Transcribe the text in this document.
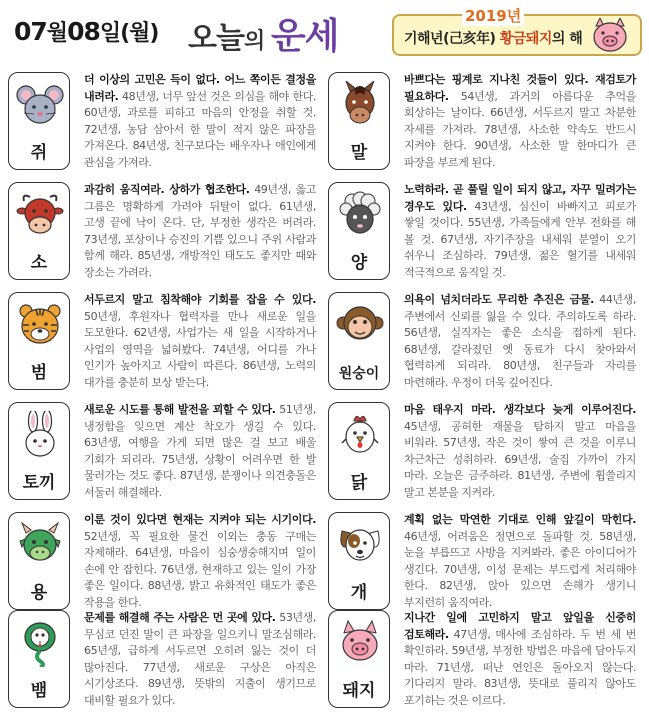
07월08일(월) 오늘의 운세	2019년
기해년(己亥年) 황금돼지의 해
쥐
더 이상의 고민은 득이 없다. 어느 쪽이든 결정을 내려라. 48년생, 너무 앞선 것은 의심을 해야 한다. 60년생, 과로를 피하고 마음의 안정을 취할 것. 72년생, 농담 삼아서 한 말이 적지 않은 파장을 가져온다. 84년생, 친구보다는 배우자나 애인에게 관심을 가져라.
소
과감히 움직여라. 상하가 협조한다. 49년생, 옳고 그름은 명확하게 가려야 뒤탈이 없다. 61년생, 고생 끝에 낙이 온다. 단, 부정한 생각은 버려라. 73년생, 포상이나 승진의 기쁨 있으니 주위 사람과 함께 해라. 85년생, 개방적인 태도도 좋지만 때와 장소는 가려라.
범
서두르지 말고 침착해야 기회를 잡을 수 있다. 50년생, 후원자나 협력자를 만나 새로운 일을 도모한다. 62년생, 사업가는 새 일을 시작하거나 사업의 영역을 넓혀봤다. 74년생, 어디를 가나 인기가 높아지고 사람이 따른다. 86년생, 노력의 대가를 충분히 보상 받는다.
토끼
새로운 시도를 통해 발전을 꾀할 수 있다. 51년생, 냉정함을 잊으면 계산 착오가 생길 수 있다. 63년생, 여행을 가게 되면 많은 걸 보고 배울 기회가 되리라. 75년생, 상황이 어려우면 한 발 물러가는 것도 좋다. 87년생, 분쟁이나 의견충돌은 서둘러 해결해라.
용
이룬 것이 있다면 현재는 지켜야 되는 시기이다. 52년생, 꼭 필요한 물건 이외는 충동 구매는 자제해라. 64년생, 마음이 심숭생숭해지며 일이 손에 안 잡힌다. 76년생, 현재하고 있는 일이 가장 좋은 일이다. 88년생, 밝고 유화적인 태도가 좋은 작용을 한다.
뱀
문제를 해결해 주는 사람은 먼 곳에 있다. 53년생, 무심코 던진 말이 큰 파장을 일으키니 말조심해라. 65년생, 급하게 서두르면 오히려 잃는 것이 더 많아진다. 77년생, 새로운 구상은 아직은 시기상조다. 89년생, 뜻밖의 지출이 생기므로 대비할 필요가 있다.
말
바쁘다는 핑계로 지나친 것들이 있다. 재검토가 필요하다. 54년생, 과거의 아름다운 추억을 회상하는 날이다. 66년생, 서두르지 말고 차분한 자세를 가져라. 78년생, 사소한 약속도 반드시 지켜야 한다. 90년생, 사소한 말 한마디가 큰 파장을 부르게 된다.
양
노력하라. 곧 풀릴 일이 되지 않고, 자꾸 밀려가는 경우도 있다. 43년생, 심신이 바빠지고 피로가 쌓일 것이다. 55년생, 가족들에게 안부 전화를 해 볼 것. 67년생, 자기주장을 내세워 분열이 오기 쉬우니 조심하라. 79년생, 젊은 혈기를 내세워 적극적으로 움직일 것.
원숭이
의욕이 넘치더라도 무리한 추진은 금물. 44년생, 주변에서 신뢰를 잃을 수 있다. 주의하도록 하라. 56년생, 실직자는 좋은 소식을 접하게 된다. 68년생, 갈라졌던 옛 동료가 다시 찾아와서 협력하게 되리라. 80년생, 친구들과 자리를 마련해라. 우정이 더욱 깊어진다.
닭
마음 태우지 마라. 생각보다 늦게 이루어진다. 45년생, 공허한 재물을 탐하지 말고 마음을 비워라. 57년생, 작은 것이 쌓여 큰 것을 이루니 차근차근 성취하라. 69년생, 술집 가까이 가지 마라. 오늘은 금주하라. 81년생, 주변에 휩쓸리지 말고 본분을 지켜라.
개
계획 없는 막연한 기대로 인해 앞길이 막힌다. 46년생, 어려움은 정면으로 돌파할 것. 58년생, 눈을 부릅뜨고 사방을 지켜봐라. 좋은 아이디어가 생긴다. 70년생, 이성 문제는 부드럽게 처리해야 한다. 82년생, 앉아 있으면 손해가 생기니 부지런히 움직여라.
돼지
지나간 일에 고민하지 말고 앞일을 신중히 검토해라. 47년생, 매사에 조심하라. 두 번 세 번 확인하라. 59년생, 부정한 방법은 마음에 담아두지 마라. 71년생, 떠난 연인은 돌아오지 않는다. 기다리지 말라. 83년생, 뜻대로 풀리지 않아도 포기하는 것은 이르다.
